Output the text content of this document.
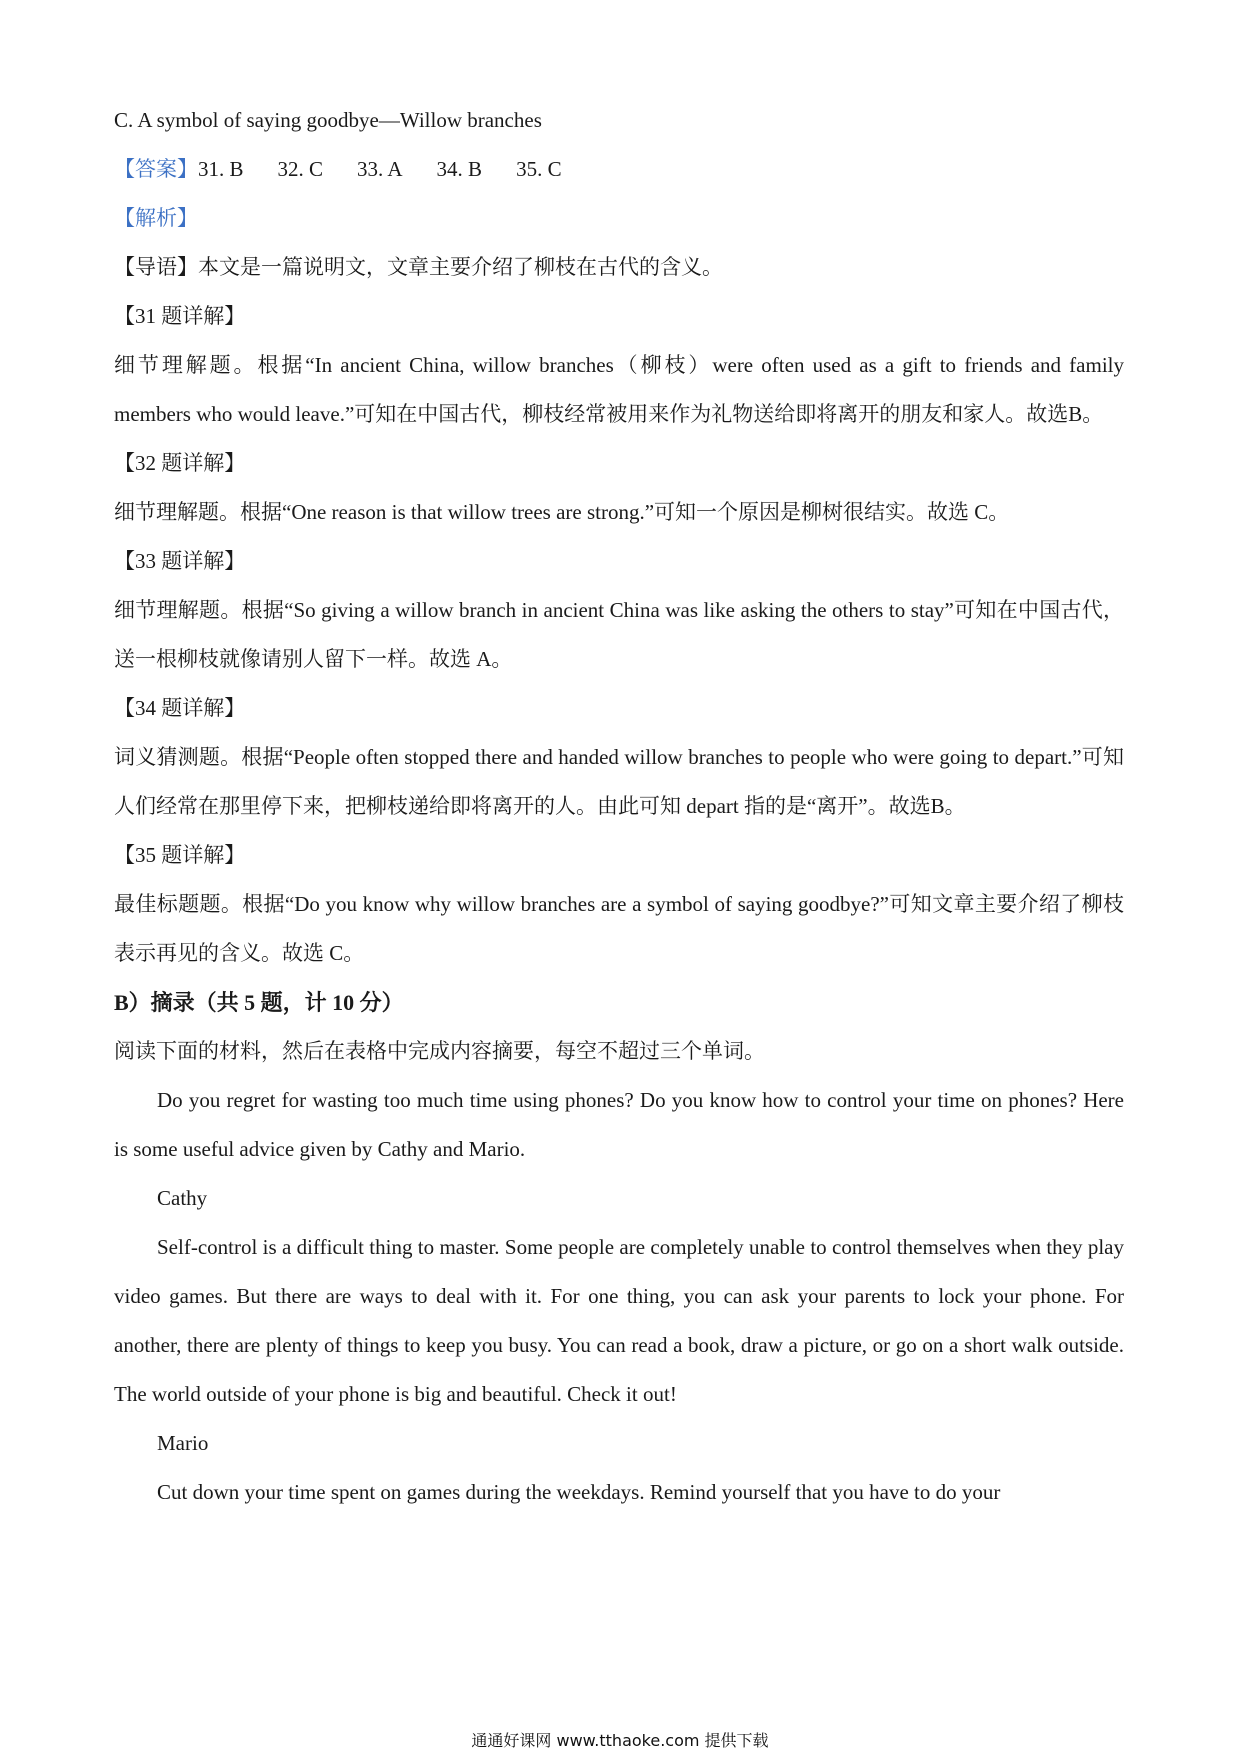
C. A symbol of saying goodbye—Willow branches
【答案】31. B 32. C 33. A 34. B 35. C
【解析】
【导语】本文是一篇说明文，文章主要介绍了柳枝在古代的含义。
【31 题详解】
细节理解题。根据“In ancient China, willow branches（柳枝）were often used as a gift to friends and family members who would leave.”可知在中国古代，柳枝经常被用来作为礼物送给即将离开的朋友和家人。故选B。
【32 题详解】
细节理解题。根据“One reason is that willow trees are strong.”可知一个原因是柳树很结实。故选 C。
【33 题详解】
细节理解题。根据“So giving a willow branch in ancient China was like asking the others to stay”可知在中国古代，送一根柳枝就像请别人留下一样。故选 A。
【34 题详解】
词义猜测题。根据“People often stopped there and handed willow branches to people who were going to depart.”可知人们经常在那里停下来，把柳枝递给即将离开的人。由此可知 depart 指的是“离开”。故选B。
【35 题详解】
最佳标题题。根据“Do you know why willow branches are a symbol of saying goodbye?”可知文章主要介绍了柳枝表示再见的含义。故选 C。
B）摘录（共 5 题，计 10 分）
阅读下面的材料，然后在表格中完成内容摘要，每空不超过三个单词。
Do you regret for wasting too much time using phones? Do you know how to control your time on phones? Here is some useful advice given by Cathy and Mario.
Cathy
Self-control is a difficult thing to master. Some people are completely unable to control themselves when they play video games. But there are ways to deal with it. For one thing, you can ask your parents to lock your phone. For another, there are plenty of things to keep you busy. You can read a book, draw a picture, or go on a short walk outside. The world outside of your phone is big and beautiful. Check it out!
Mario
Cut down your time spent on games during the weekdays. Remind yourself that you have to do your
通通好课网 www.tthaoke.com 提供下载
